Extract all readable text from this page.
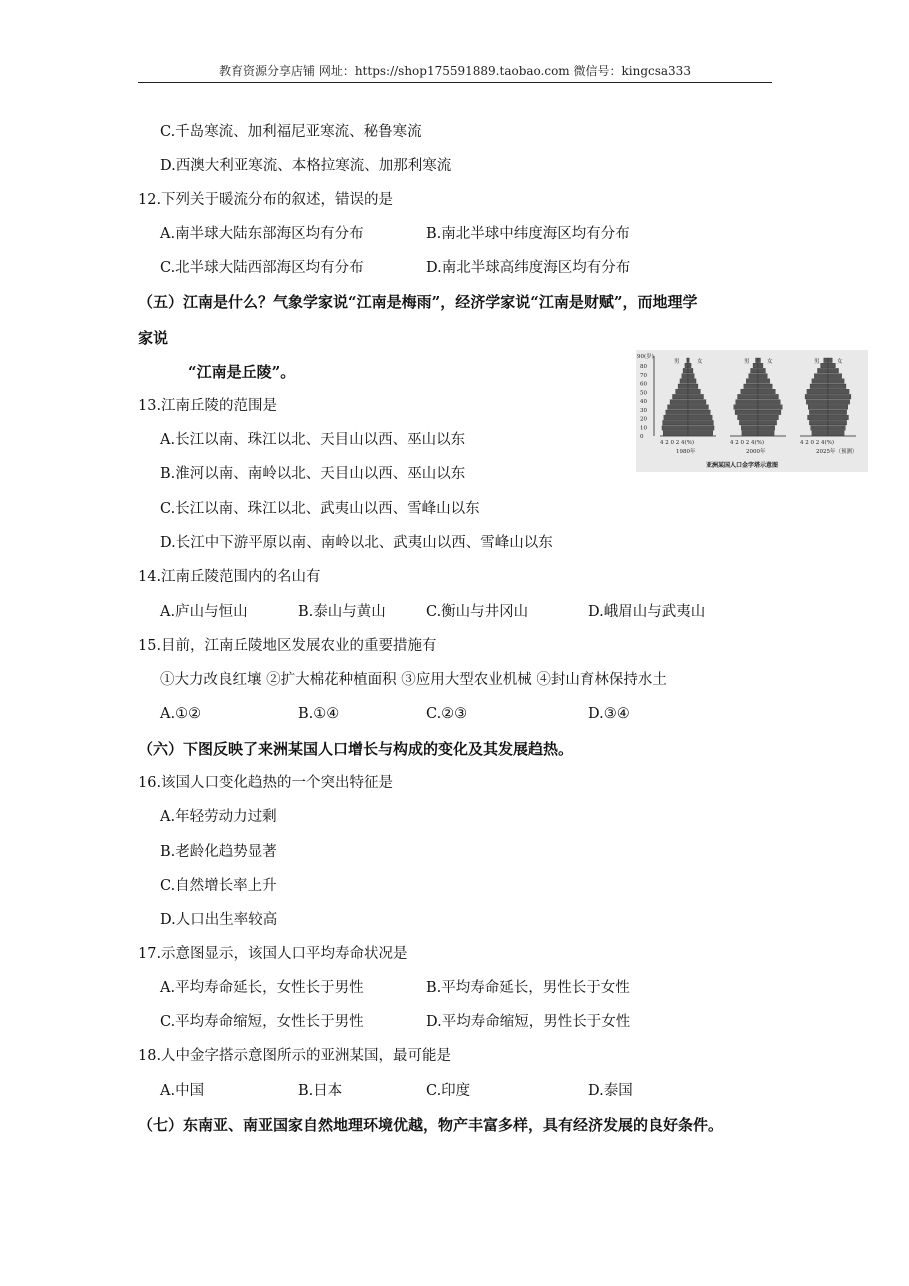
教育资源分享店铺 网址：https://shop175591889.taobao.com 微信号：kingcsa333
C.千岛寒流、加利福尼亚寒流、秘鲁寒流
D.西澳大利亚寒流、本格拉寒流、加那利寒流
12.下列关于暖流分布的叙述，错误的是
A.南半球大陆东部海区均有分布	B.南北半球中纬度海区均有分布
C.北半球大陆西部海区均有分布	D.南北半球高纬度海区均有分布
（五）江南是什么？气象学家说“江南是梅雨”，经济学家说“江南是财赋”，而地理学
家说
“江南是丘陵”。
90(岁)
80
70
60
50
40
30
20
10
0
男	女
4 2 0 2 4(%)
1980年
男	女
4 2 0 2 4(%)
2000年
男	女
4 2 0 2 4(%)
2025年（预测）
亚洲某国人口金字塔示意图
13.江南丘陵的范围是
A.长江以南、珠江以北、天目山以西、巫山以东
B.淮河以南、南岭以北、天目山以西、巫山以东
C.长江以南、珠江以北、武夷山以西、雪峰山以东
D.长江中下游平原以南、南岭以北、武夷山以西、雪峰山以东
14.江南丘陵范围内的名山有
A.庐山与恒山	B.泰山与黄山	C.衡山与井冈山	D.峨眉山与武夷山
15.目前，江南丘陵地区发展农业的重要措施有
①大力改良红壤 ②扩大棉花种植面积 ③应用大型农业机械 ④封山育林保持水土
A.①②	B.①④	C.②③	D.③④
（六）下图反映了来洲某国人口增长与构成的变化及其发展趋热。
16.该国人口变化趋热的一个突出特征是
A.年轻劳动力过剩
B.老龄化趋势显著
C.自然增长率上升
D.人口出生率较高
17.示意图显示，该国人口平均寿命状况是
A.平均寿命延长，女性长于男性	B.平均寿命延长，男性长于女性
C.平均寿命缩短，女性长于男性	D.平均寿命缩短，男性长于女性
18.人中金字搭示意图所示的亚洲某国，最可能是
A.中国	B.日本	C.印度	D.泰国
（七）东南亚、南亚国家自然地理环境优越，物产丰富多样，具有经济发展的良好条件。
